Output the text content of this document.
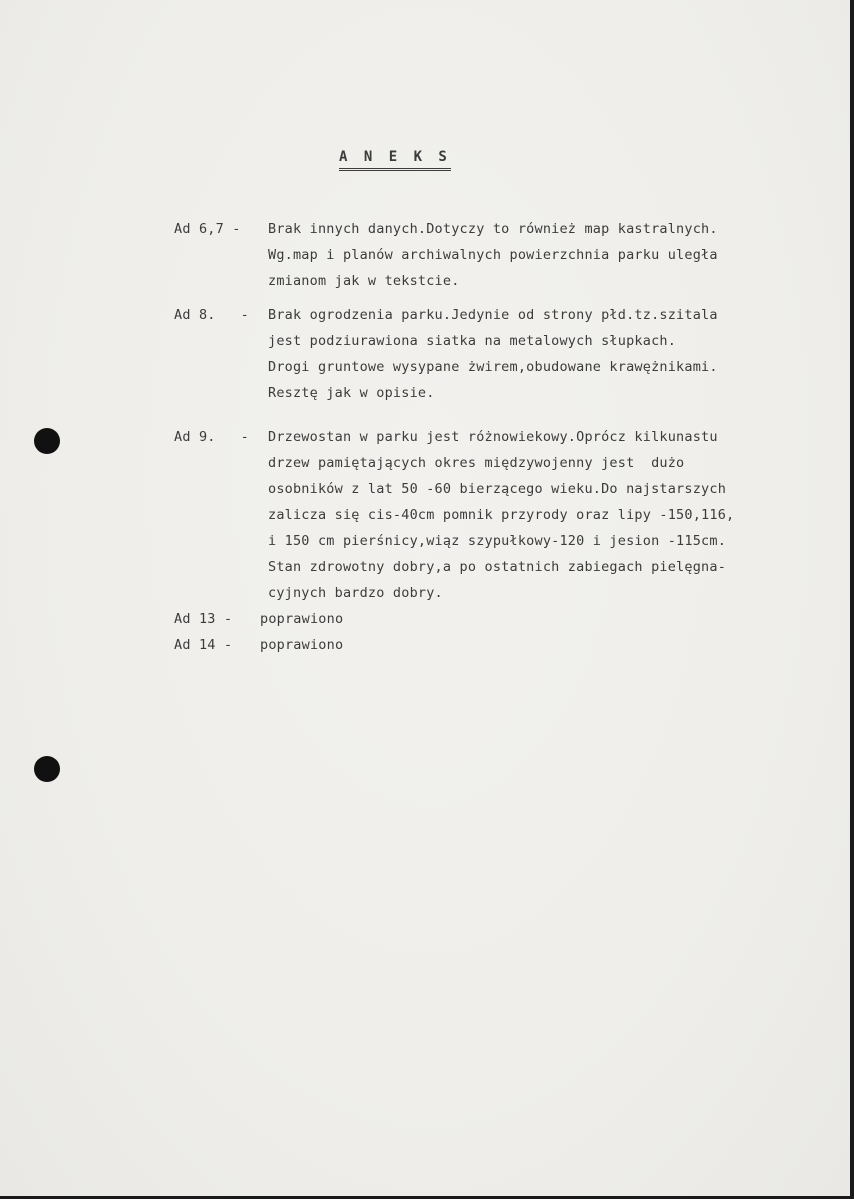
A N E K S
Ad 6,7 - Brak innych danych.Dotyczy to również map kastralnych.
Wg.map i planów archiwalnych powierzchnia parku uległa
zmianom jak w tekstcie.
Ad 8.   - Brak ogrodzenia parku.Jedynie od strony płd.tz.szitala
jest podziurawiona siatka na metalowych słupkach.
Drogi gruntowe wysypane żwirem,obudowane krawężnikami.
Resztę jak w opisie.
Ad 9.   - Drzewostan w parku jest różnowiekowy.Oprócz kilkunastu
drzew pamiętających okres międzywojenny jest  dużo
osobników z lat 50 -60 bierzącego wieku.Do najstarszych
zalicza się cis-40cm pomnik przyrody oraz lipy -150,116,
i 150 cm pierśnicy,wiąz szypułkowy-120 i jesion -115cm.
Stan zdrowotny dobry,a po ostatnich zabiegach pielęgna-
cyjnych bardzo dobry.
Ad 13 - poprawiono
Ad 14 - poprawiono
